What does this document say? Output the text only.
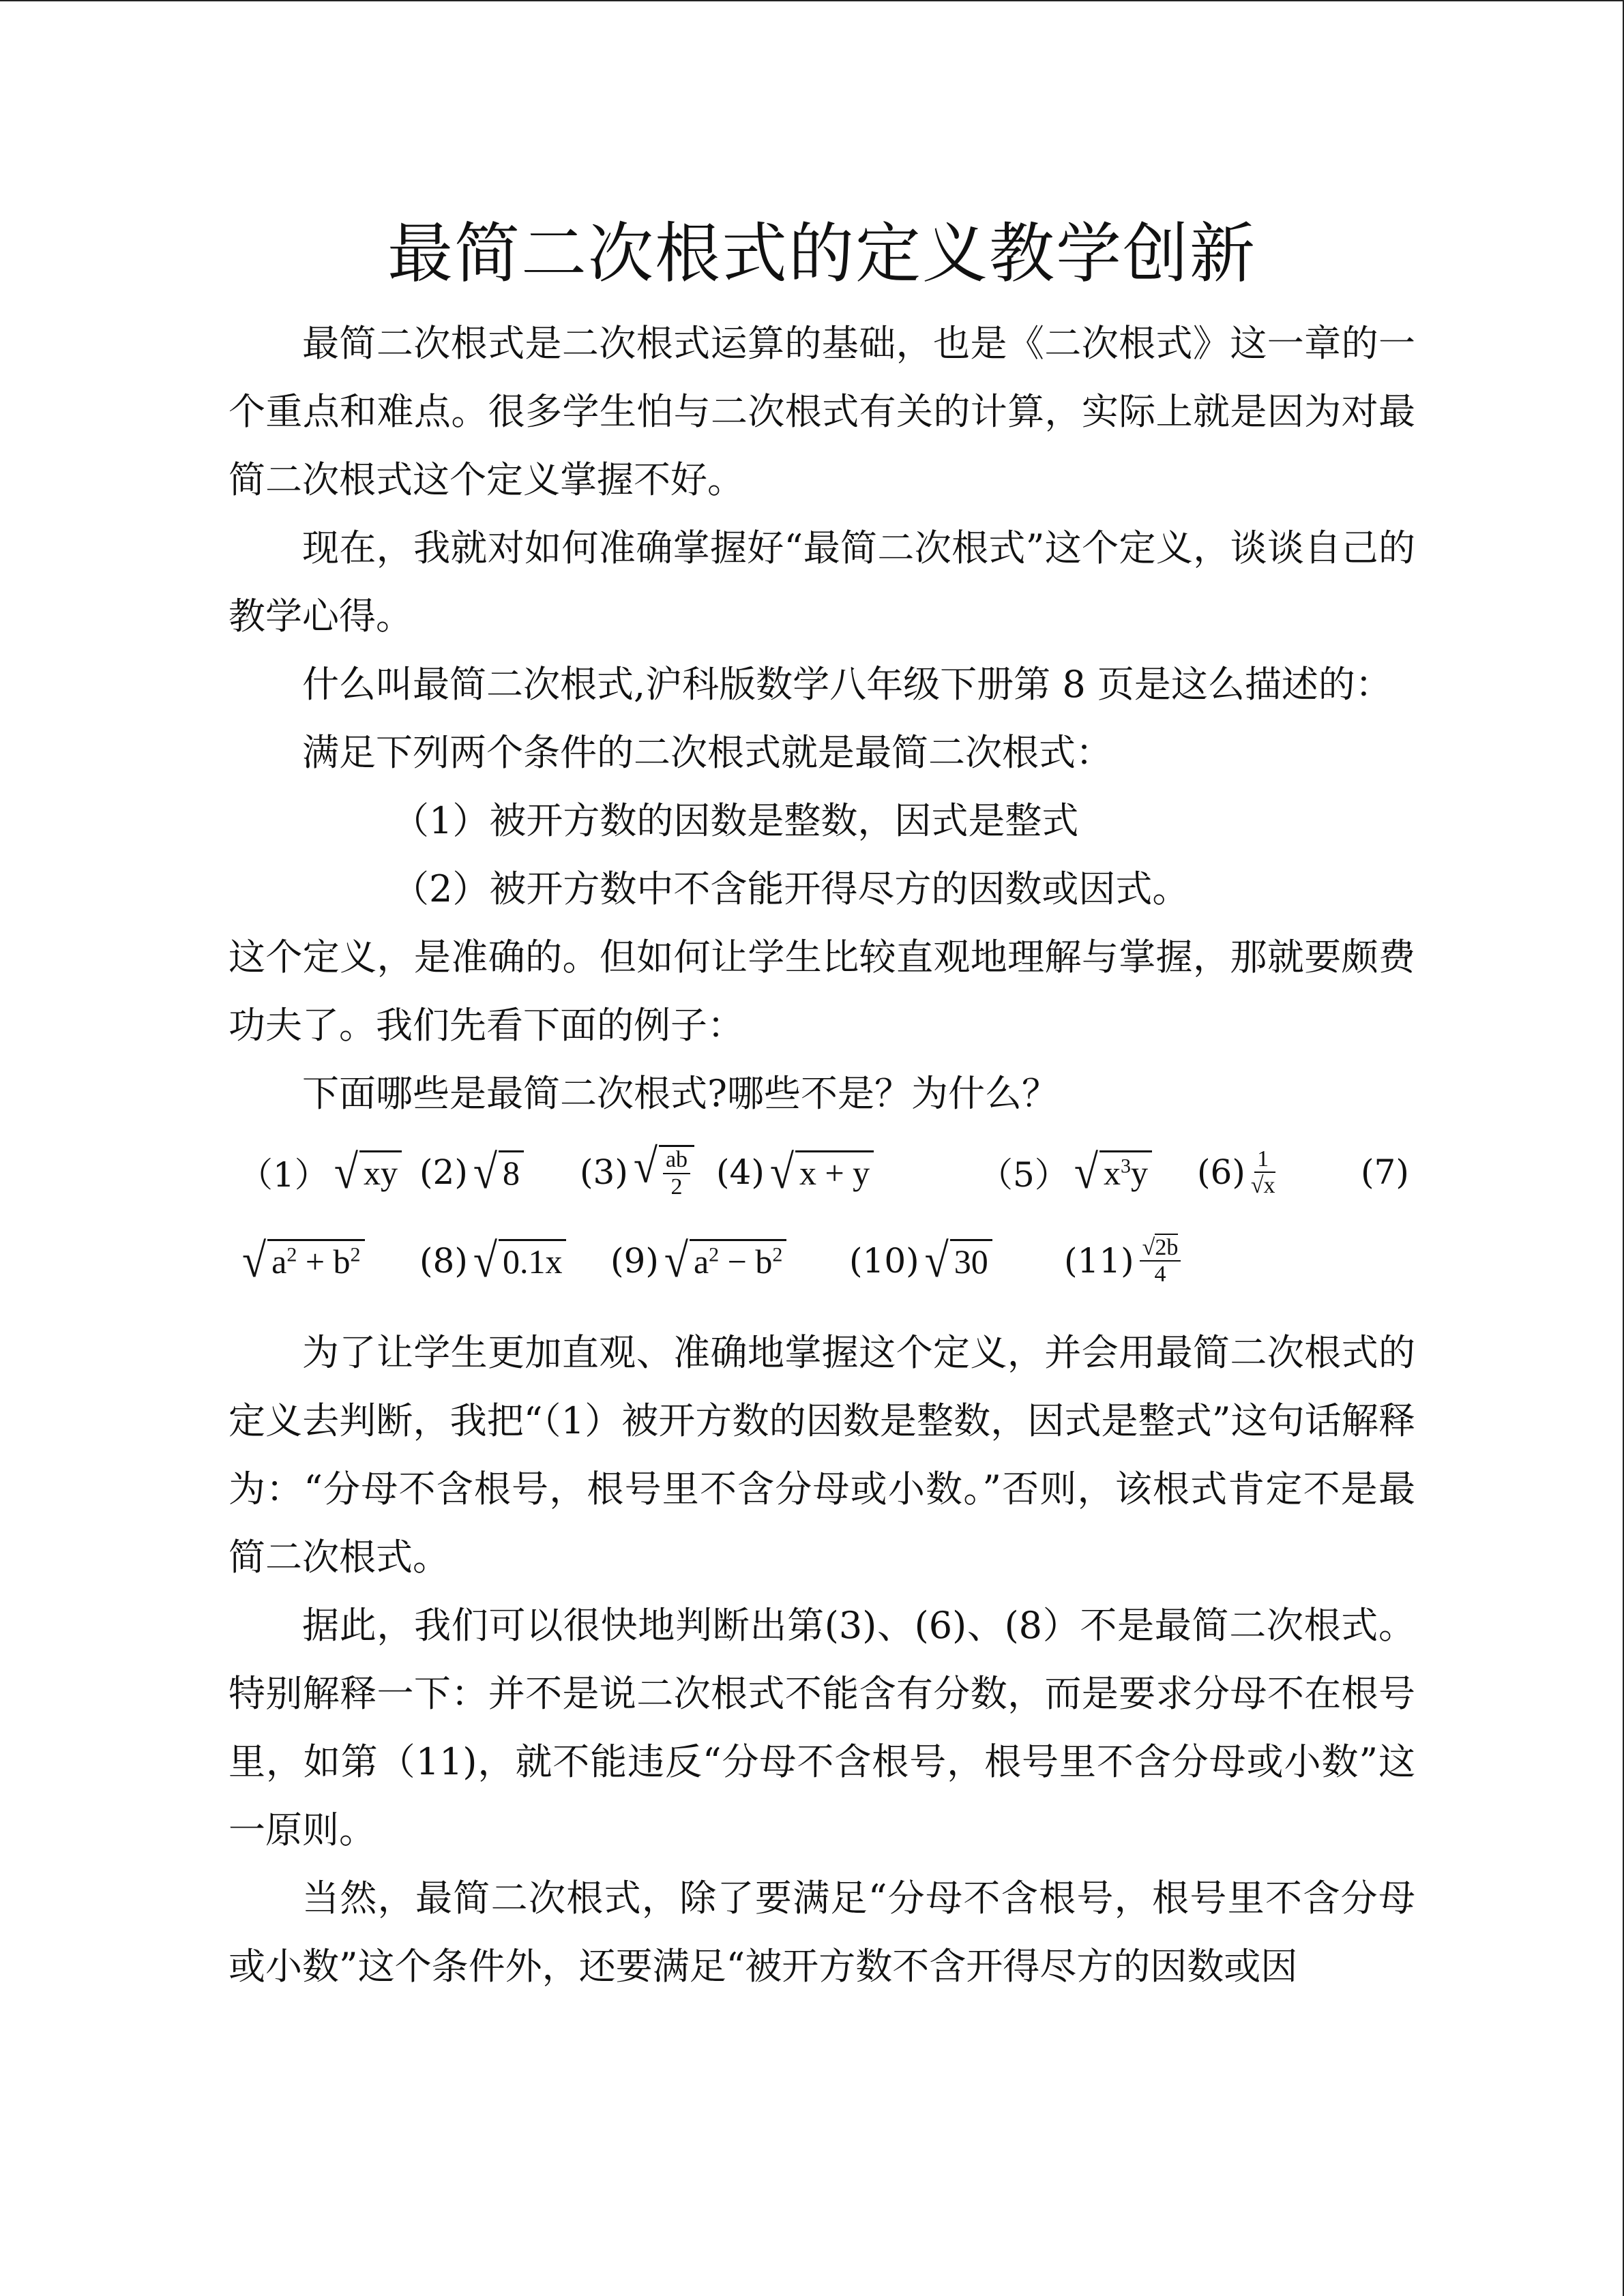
最简二次根式的定义教学创新

最简二次根式是二次根式运算的基础，也是《二次根式》这一章的一个重点和难点。很多学生怕与二次根式有关的计算，实际上就是因为对最简二次根式这个定义掌握不好。

现在，我就对如何准确掌握好“最简二次根式”这个定义，谈谈自己的教学心得。

什么叫最简二次根式,沪科版数学八年级下册第 8 页是这么描述的：

满足下列两个条件的二次根式就是最简二次根式：

（1）被开方数的因数是整数，因式是整式

（2）被开方数中不含能开得尽方的因数或因式。

这个定义，是准确的。但如何让学生比较直观地理解与掌握，那就要颇费功夫了。我们先看下面的例子：

下面哪些是最简二次根式?哪些不是？为什么？

（1） √ xy (2) √ 8 (3) √ $\frac{ab}{2} (4)$ √ x + y	（5） √ $x^3y$ $(6) \frac{1}{√x}$	(7)
√ $a^2 + b^2$ (8) √ 0.1x (9) √ $a^2 - b^2$ (10) √ 30 $(11) \frac{√2b}{4}$

为了让学生更加直观、准确地掌握这个定义，并会用最简二次根式的定义去判断，我把“（1）被开方数的因数是整数，因式是整式”这句话解释为：“分母不含根号，根号里不含分母或小数。”否则，该根式肯定不是最简二次根式。

据此，我们可以很快地判断出第(3)、(6)、(8）不是最简二次根式。特别解释一下：并不是说二次根式不能含有分数，而是要求分母不在根号里，如第（11)，就不能违反“分母不含根号，根号里不含分母或小数”这一原则。

当然，最简二次根式，除了要满足“分母不含根号，根号里不含分母或小数”这个条件外，还要满足“被开方数不含开得尽方的因数或因
